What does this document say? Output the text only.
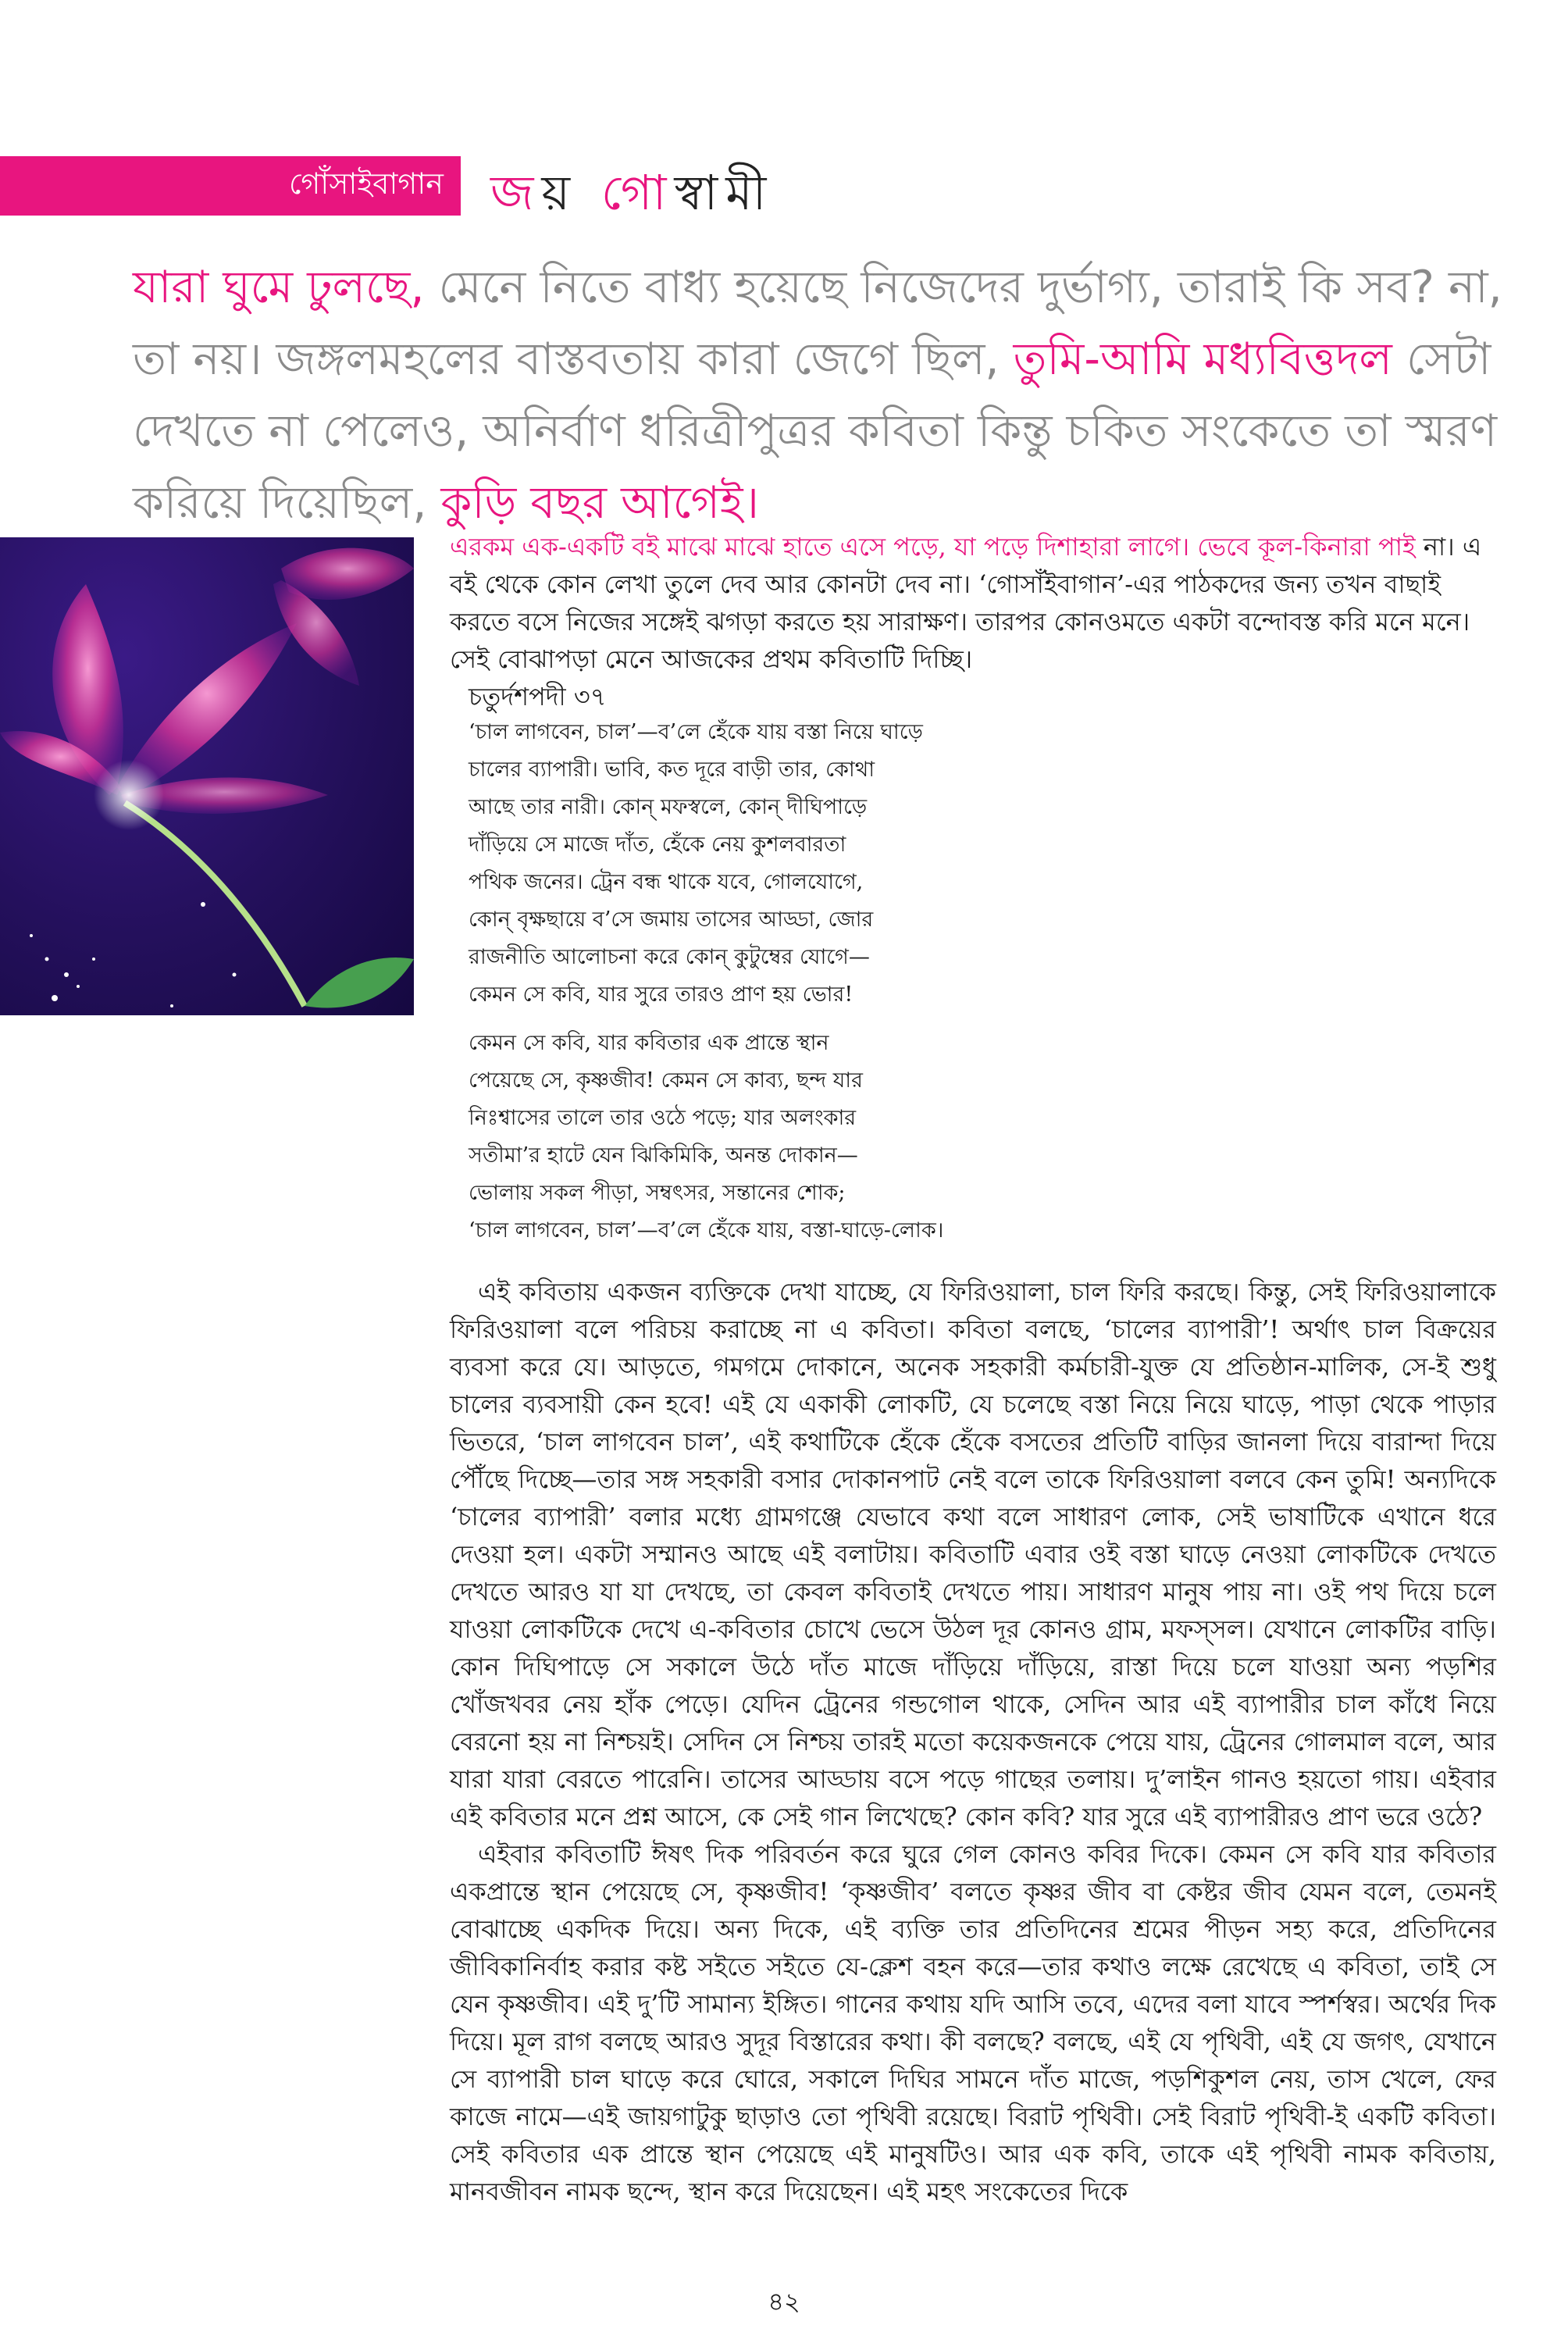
গোঁসাইবাগান জয় গোস্বামী

যারা ঘুমে ঢুলছে, মেনে নিতে বাধ্য হয়েছে নিজেদের দুর্ভাগ্য, তারাই কি সব? না, তা নয়। জঙ্গলমহলের বাস্তবতায় কারা জেগে ছিল, তুমি-আমি মধ্যবিত্তদল সেটা দেখতে না পেলেও, অনির্বাণ ধরিত্রীপুত্রর কবিতা কিন্তু চকিত সংকেতে তা স্মরণ করিয়ে দিয়েছিল, কুড়ি বছর আগেই।

এরকম এক-একটি বই মাঝে মাঝে হাতে এসে পড়ে, যা পড়ে দিশাহারা লাগে। ভেবে কূল-কিনারা পাই না। এ বই থেকে কোন লেখা তুলে দেব আর কোনটা দেব না। ‘গোসাঁইবাগান’-এর পাঠকদের জন্য তখন বাছাই করতে বসে নিজের সঙ্গেই ঝগড়া করতে হয় সারাক্ষণ। তারপর কোনওমতে একটা বন্দোবস্ত করি মনে মনে। সেই বোঝাপড়া মেনে আজকের প্রথম কবিতাটি দিচ্ছি।

চতুর্দশপদী ৩৭
‘চাল লাগবেন, চাল’—ব’লে হেঁকে যায় বস্তা নিয়ে ঘাড়ে
চালের ব্যাপারী। ভাবি, কত দূরে বাড়ী তার, কোথা
আছে তার নারী। কোন্ মফস্বলে, কোন্ দীঘিপাড়ে
দাঁড়িয়ে সে মাজে দাঁত, হেঁকে নেয় কুশলবারতা
পথিক জনের। ট্রেন বন্ধ থাকে যবে, গোলযোগে,
কোন্ বৃক্ষছায়ে ব’সে জমায় তাসের আড্ডা, জোর
রাজনীতি আলোচনা করে কোন্ কুটুম্বের যোগে—
কেমন সে কবি, যার সুরে তারও প্রাণ হয় ভোর!
কেমন সে কবি, যার কবিতার এক প্রান্তে স্থান
পেয়েছে সে, কৃষ্ণজীব! কেমন সে কাব্য, ছন্দ যার
নিঃশ্বাসের তালে তার ওঠে পড়ে; যার অলংকার
সতীমা’র হাটে যেন ঝিকিমিকি, অনন্ত দোকান—
ভোলায় সকল পীড়া, সম্বৎসর, সন্তানের শোক;
‘চাল লাগবেন, চাল’—ব’লে হেঁকে যায়, বস্তা-ঘাড়ে-লোক।

এই কবিতায় একজন ব্যক্তিকে দেখা যাচ্ছে, যে ফিরিওয়ালা, চাল ফিরি করছে। কিন্তু, সেই ফিরিওয়ালাকে ফিরিওয়ালা বলে পরিচয় করাচ্ছে না এ কবিতা। কবিতা বলছে, ‘চালের ব্যাপারী’! অর্থাৎ চাল বিক্রয়ের ব্যবসা করে যে। আড়তে, গমগমে দোকানে, অনেক সহকারী কর্মচারী-যুক্ত যে প্রতিষ্ঠান-মালিক, সে-ই শুধু চালের ব্যবসায়ী কেন হবে! এই যে একাকী লোকটি, যে চলেছে বস্তা নিয়ে নিয়ে ঘাড়ে, পাড়া থেকে পাড়ার ভিতরে, ‘চাল লাগবেন চাল’, এই কথাটিকে হেঁকে হেঁকে বসতের প্রতিটি বাড়ির জানলা দিয়ে বারান্দা দিয়ে পৌঁছে দিচ্ছে—তার সঙ্গ সহকারী বসার দোকানপাট নেই বলে তাকে ফিরিওয়ালা বলবে কেন তুমি! অন্যদিকে ‘চালের ব্যাপারী’ বলার মধ্যে গ্রামগঞ্জে যেভাবে কথা বলে সাধারণ লোক, সেই ভাষাটিকে এখানে ধরে দেওয়া হল। একটা সম্মানও আছে এই বলাটায়। কবিতাটি এবার ওই বস্তা ঘাড়ে নেওয়া লোকটিকে দেখতে দেখতে আরও যা যা দেখছে, তা কেবল কবিতাই দেখতে পায়। সাধারণ মানুষ পায় না। ওই পথ দিয়ে চলে যাওয়া লোকটিকে দেখে এ-কবিতার চোখে ভেসে উঠল দূর কোনও গ্রাম, মফস্সল। যেখানে লোকটির বাড়ি। কোন দিঘিপাড়ে সে সকালে উঠে দাঁত মাজে দাঁড়িয়ে দাঁড়িয়ে, রাস্তা দিয়ে চলে যাওয়া অন্য পড়শির খোঁজখবর নেয় হাঁক পেড়ে। যেদিন ট্রেনের গন্ডগোল থাকে, সেদিন আর এই ব্যাপারীর চাল কাঁধে নিয়ে বেরনো হয় না নিশ্চয়ই। সেদিন সে নিশ্চয় তারই মতো কয়েকজনকে পেয়ে যায়, ট্রেনের গোলমাল বলে, আর যারা যারা বেরতে পারেনি। তাসের আড্ডায় বসে পড়ে গাছের তলায়। দু’লাইন গানও হয়তো গায়। এইবার এই কবিতার মনে প্রশ্ন আসে, কে সেই গান লিখেছে? কোন কবি? যার সুরে এই ব্যাপারীরও প্রাণ ভরে ওঠে?

এইবার কবিতাটি ঈষৎ দিক পরিবর্তন করে ঘুরে গেল কোনও কবির দিকে। কেমন সে কবি যার কবিতার একপ্রান্তে স্থান পেয়েছে সে, কৃষ্ণজীব! ‘কৃষ্ণজীব’ বলতে কৃষ্ণর জীব বা কেষ্টর জীব যেমন বলে, তেমনই বোঝাচ্ছে একদিক দিয়ে। অন্য দিকে, এই ব্যক্তি তার প্রতিদিনের শ্রমের পীড়ন সহ্য করে, প্রতিদিনের জীবিকানির্বাহ করার কষ্ট সইতে সইতে যে-ক্লেশ বহন করে—তার কথাও লক্ষে রেখেছে এ কবিতা, তাই সে যেন কৃষ্ণজীব। এই দু’টি সামান্য ইঙ্গিত। গানের কথায় যদি আসি তবে, এদের বলা যাবে স্পর্শস্বর। অর্থের দিক দিয়ে। মূল রাগ বলছে আরও সুদূর বিস্তারের কথা। কী বলছে? বলছে, এই যে পৃথিবী, এই যে জগৎ, যেখানে সে ব্যাপারী চাল ঘাড়ে করে ঘোরে, সকালে দিঘির সামনে দাঁত মাজে, পড়শিকুশল নেয়, তাস খেলে, ফের কাজে নামে—এই জায়গাটুকু ছাড়াও তো পৃথিবী রয়েছে। বিরাট পৃথিবী। সেই বিরাট পৃথিবী-ই একটি কবিতা। সেই কবিতার এক প্রান্তে স্থান পেয়েছে এই মানুষটিও। আর এক কবি, তাকে এই পৃথিবী নামক কবিতায়, মানবজীবন নামক ছন্দে, স্থান করে দিয়েছেন। এই মহৎ সংকেতের দিকে

৪২
